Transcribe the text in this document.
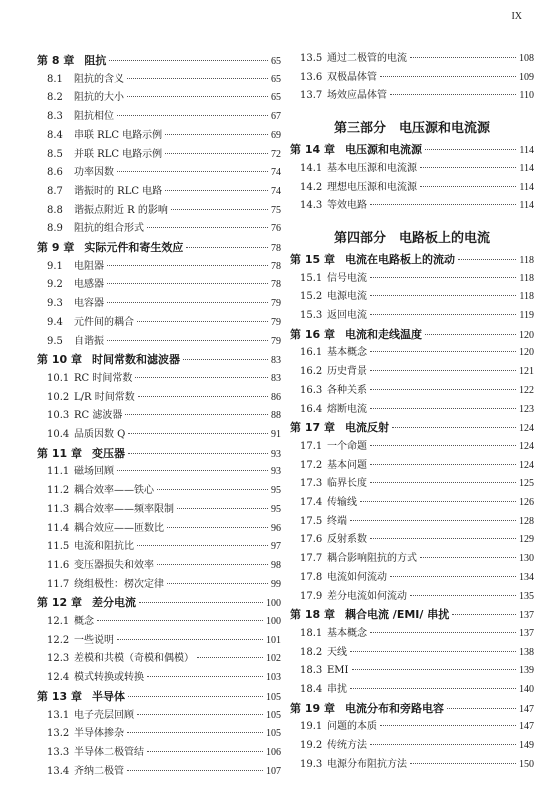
IX
第 8 章 阻抗	65
8.1	阻抗的含义	65
8.2	阻抗的大小	65
8.3	阻抗相位	67
8.4	串联 RLC 电路示例	69
8.5	并联 RLC 电路示例	72
8.6	功率因数	74
8.7	谐振时的 RLC 电路	74
8.8	谐振点附近 R 的影响	75
8.9	阻抗的组合形式	76
第 9 章 实际元件和寄生效应	78
9.1	电阻器	78
9.2	电感器	78
9.3	电容器	79
9.4	元件间的耦合	79
9.5	自谐振	79
第 10 章 时间常数和滤波器	83
10.1 RC 时间常数	83
10.2 L/R 时间常数	86
10.3 RC 滤波器	88
10.4 品质因数 Q	91
第 11 章 变压器	93
11.1 磁场回顾	93
11.2 耦合效率——铁心	95
11.3 耦合效率——频率限制	95
11.4 耦合效应——匝数比	96
11.5 电流和阻抗比	97
11.6 变压器损失和效率	98
11.7 绕组极性：楞次定律	99
第 12 章 差分电流	100
12.1 概念	100
12.2 一些说明	101
12.3 差模和共模（奇模和偶模）	102
12.4 模式转换或转换	103
第 13 章 半导体	105
13.1 电子壳层回顾	105
13.2 半导体掺杂	105
13.3 半导体二极管结	106
13.4 齐纳二极管	107
13.5 通过二极管的电流	108
13.6 双极晶体管	109
13.7 场效应晶体管	110
第三部分　电压源和电流源
第 14 章 电压源和电流源	114
14.1 基本电压源和电流源	114
14.2 理想电压源和电流源	114
14.3 等效电路	114
第四部分　电路板上的电流
第 15 章 电流在电路板上的流动	118
15.1 信号电流	118
15.2 电源电流	118
15.3 返回电流	119
第 16 章 电流和走线温度	120
16.1 基本概念	120
16.2 历史背景	121
16.3 各种关系	122
16.4 熔断电流	123
第 17 章 电流反射	124
17.1 一个命题	124
17.2 基本问题	124
17.3 临界长度	125
17.4 传输线	126
17.5 终端	128
17.6 反射系数	129
17.7 耦合影响阻抗的方式	130
17.8 电流如何流动	134
17.9 差分电流如何流动	135
第 18 章 耦合电流 /EMI/ 串扰	137
18.1 基本概念	137
18.2 天线	138
18.3 EMI	139
18.4 串扰	140
第 19 章 电流分布和旁路电容	147
19.1 问题的本质	147
19.2 传统方法	149
19.3 电源分布阻抗方法	150
